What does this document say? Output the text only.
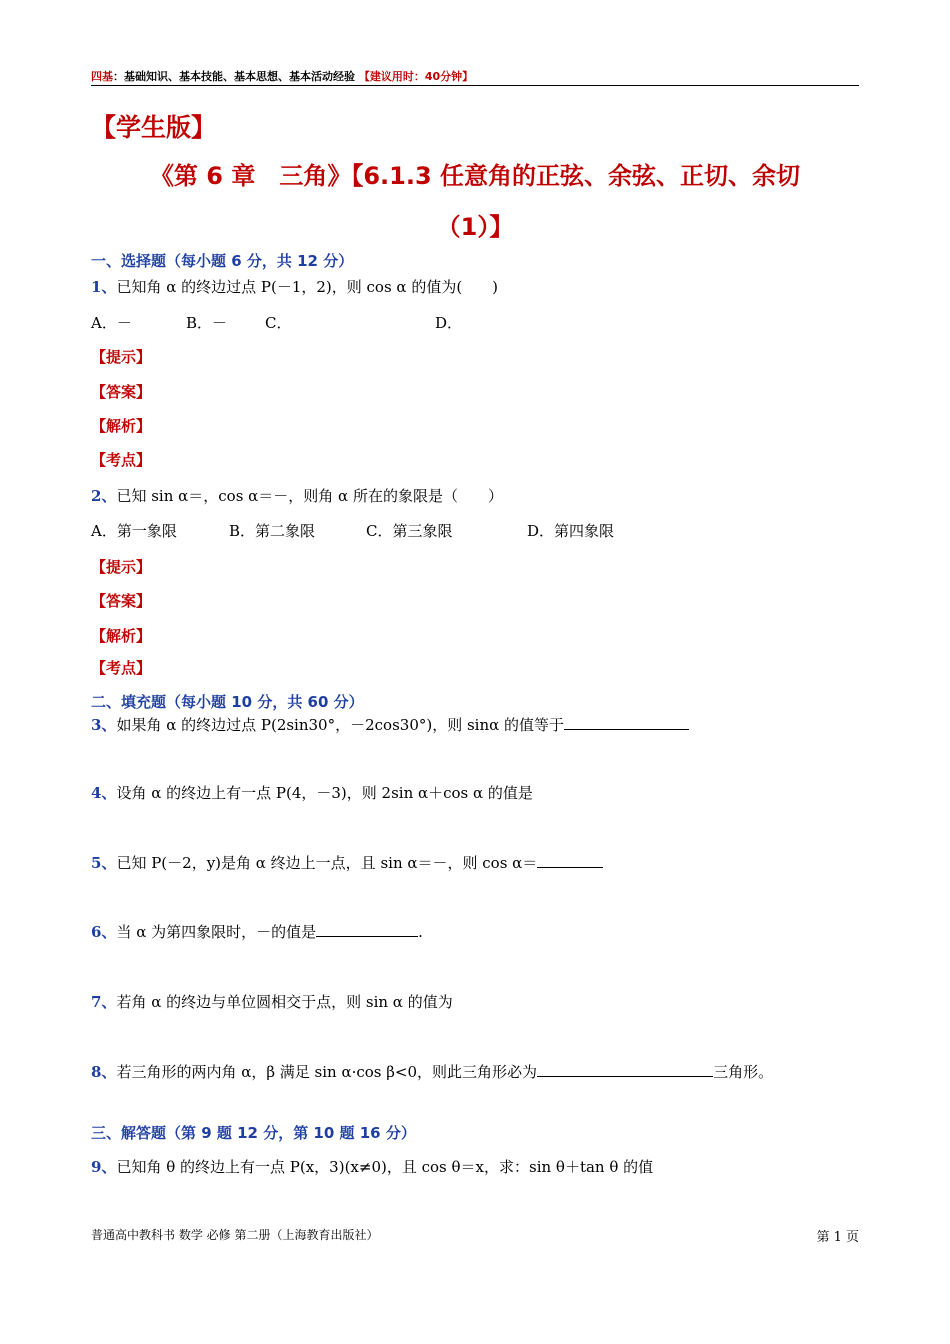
四基：基础知识、基本技能、基本思想、基本活动经验 【建议用时：40分钟】
【学生版】
《第 6 章　三角》【6.1.3 任意角的正弦、余弦、正切、余切
（1）】
一、选择题（每小题 6 分，共 12 分）
1、已知角 α 的终边过点 P(－1，2)，则 cos α 的值为(　　)
A．－	B．－	C．	D．
【提示】
【答案】
【解析】
【考点】
2、已知 sin α＝，cos α＝－，则角 α 所在的象限是（　　）
A．第一象限	B．第二象限	C．第三象限	D．第四象限
【提示】
【答案】
【解析】
【考点】
二、填充题（每小题 10 分，共 60 分）
3、如果角 α 的终边过点 P(2sin30°，－2cos30°)，则 sinα 的值等于
4、设角 α 的终边上有一点 P(4，－3)，则 2sin α＋cos α 的值是
5、已知 P(－2，y)是角 α 终边上一点，且 sin α＝－，则 cos α＝
6、当 α 为第四象限时，－的值是	.
7、若角 α 的终边与单位圆相交于点，则 sin α 的值为
8、若三角形的两内角 α，β 满足 sin α·cos β<0，则此三角形必为	三角形。
三、解答题（第 9 题 12 分，第 10 题 16 分）
9、已知角 θ 的终边上有一点 P(x，3)(x≠0)，且 cos θ＝x，求：sin θ＋tan θ 的值
普通高中教科书 数学 必修 第二册（上海教育出版社）	第 1 页
